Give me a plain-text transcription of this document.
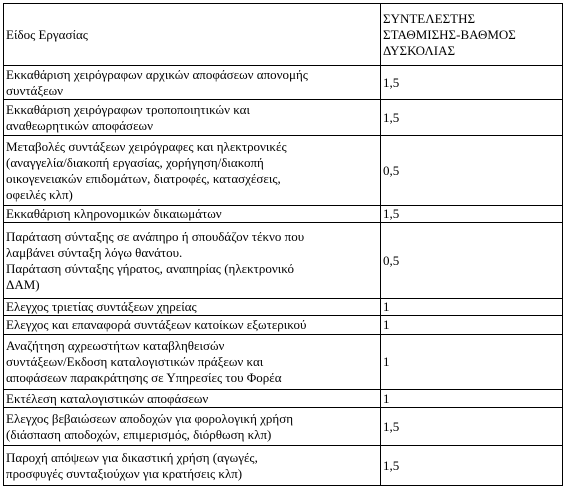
Είδος Εργασίας	ΣΥΝΤΕΛΕΣΤΗΣ
ΣΤΑΘΜΙΣΗΣ-ΒΑΘΜΟΣ
ΔΥΣΚΟΛΙΑΣ

Εκκαθάριση χειρόγραφων αρχικών αποφάσεων απονομής
συντάξεων	1,5

Εκκαθάριση χειρόγραφων τροποποιητικών και
αναθεωρητικών αποφάσεων	1,5

Μεταβολές συντάξεων χειρόγραφες και ηλεκτρονικές
(αναγγελία/διακοπή εργασίας, χορήγηση/διακοπή
οικογενειακών επιδομάτων, διατροφές, κατασχέσεις,
οφειλές κλπ)	0,5

Εκκαθάριση κληρονομικών δικαιωμάτων	1,5

Παράταση σύνταξης σε ανάπηρο ή σπουδάζον τέκνο που
λαμβάνει σύνταξη λόγω θανάτου.
Παράταση σύνταξης γήρατος, αναπηρίας (ηλεκτρονικό
ΔΑΜ)	0,5

Ελεγχος τριετίας συντάξεων χηρείας	1

Ελεγχος και επαναφορά συντάξεων κατοίκων εξωτερικού	1

Αναζήτηση αχρεωστήτων καταβληθεισών
συντάξεων/Εκδοση καταλογιστικών πράξεων και
αποφάσεων παρακράτησης σε Υπηρεσίες του Φορέα	1

Εκτέλεση καταλογιστικών αποφάσεων	1

Ελεγχος βεβαιώσεων αποδοχών για φορολογική χρήση
(διάσπαση αποδοχών, επιμερισμός, διόρθωση κλπ)	1,5

Παροχή απόψεων για δικαστική χρήση (αγωγές,
προσφυγές συνταξιούχων για κρατήσεις κλπ)	1,5
